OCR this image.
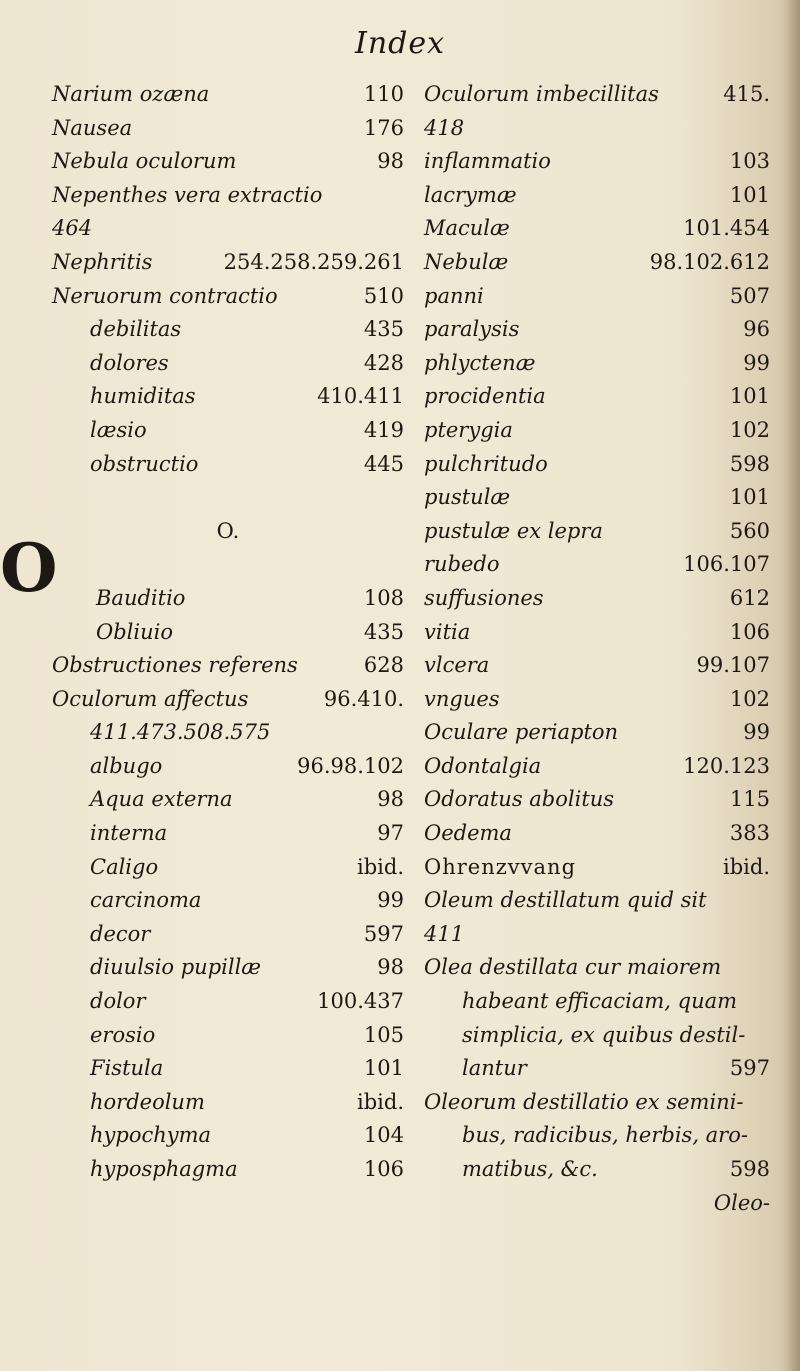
Index
O
Narium ozæna	110
Nausea	176
Nebula oculorum	98
Nepenthes vera extractio
464
Nephritis	254.258.259.261
Neruorum contractio	510
debilitas	435
dolores	428
humiditas	410.411
læsio	419
obstructio	445
O.
Bauditio	108
Obliuio	435
Obstructiones referens	628
Oculorum affectus	96.410.
411.473.508.575
albugo	96.98.102
Aqua externa	98
interna	97
Caligo	ibid.
carcinoma	99
decor	597
diuulsio pupillæ	98
dolor	100.437
erosio	105
Fistula	101
hordeolum	ibid.
hypochyma	104
hyposphagma	106
Oculorum imbecillitas	415.
418
inflammatio	103
lacrymæ	101
Maculæ	101.454
Nebulæ	98.102.612
panni	507
paralysis	96
phlyctenæ	99
procidentia	101
pterygia	102
pulchritudo	598
pustulæ	101
pustulæ ex lepra	560
rubedo	106.107
suffusiones	612
vitia	106
vlcera	99.107
vngues	102
Oculare periapton	99
Odontalgia	120.123
Odoratus abolitus	115
Oedema	383
Ohrenzvvang	ibid.
Oleum destillatum quid sit
411
Olea destillata cur maiorem
habeant efficaciam, quam
simplicia, ex quibus destil-
lantur	597
Oleorum destillatio ex semini-
bus, radicibus, herbis, aro-
matibus, &c.	598
Oleo-
